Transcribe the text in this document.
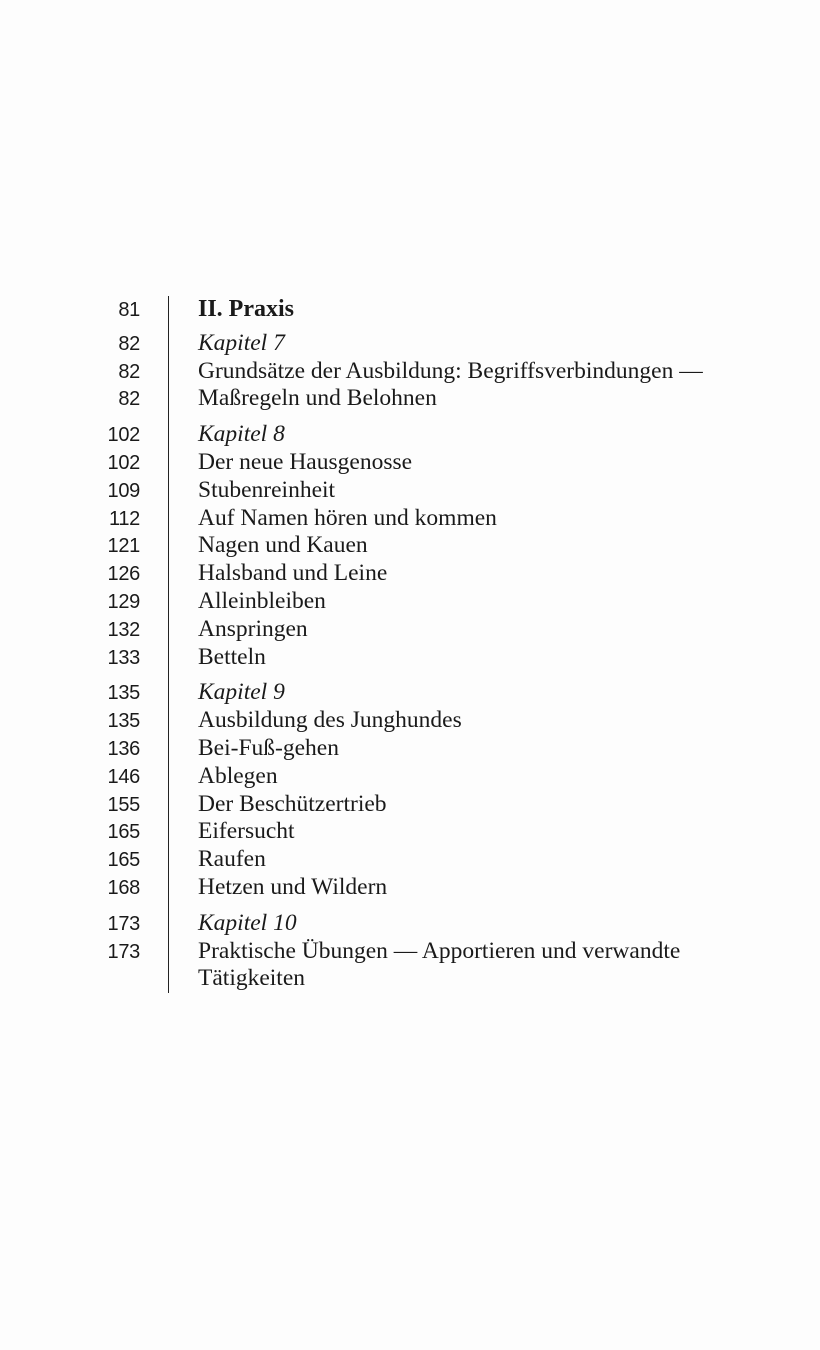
81 II. Praxis
82 Kapitel 7
82 Grundsätze der Ausbildung: Begriffsverbindungen —
82 Maßregeln und Belohnen
102 Kapitel 8
102 Der neue Hausgenosse
109 Stubenreinheit
112 Auf Namen hören und kommen
121 Nagen und Kauen
126 Halsband und Leine
129 Alleinbleiben
132 Anspringen
133 Betteln
135 Kapitel 9
135 Ausbildung des Junghundes
136 Bei-Fuß-gehen
146 Ablegen
155 Der Beschützertrieb
165 Eifersucht
165 Raufen
168 Hetzen und Wildern
173 Kapitel 10
173 Praktische Übungen — Apportieren und verwandte
Tätigkeiten
